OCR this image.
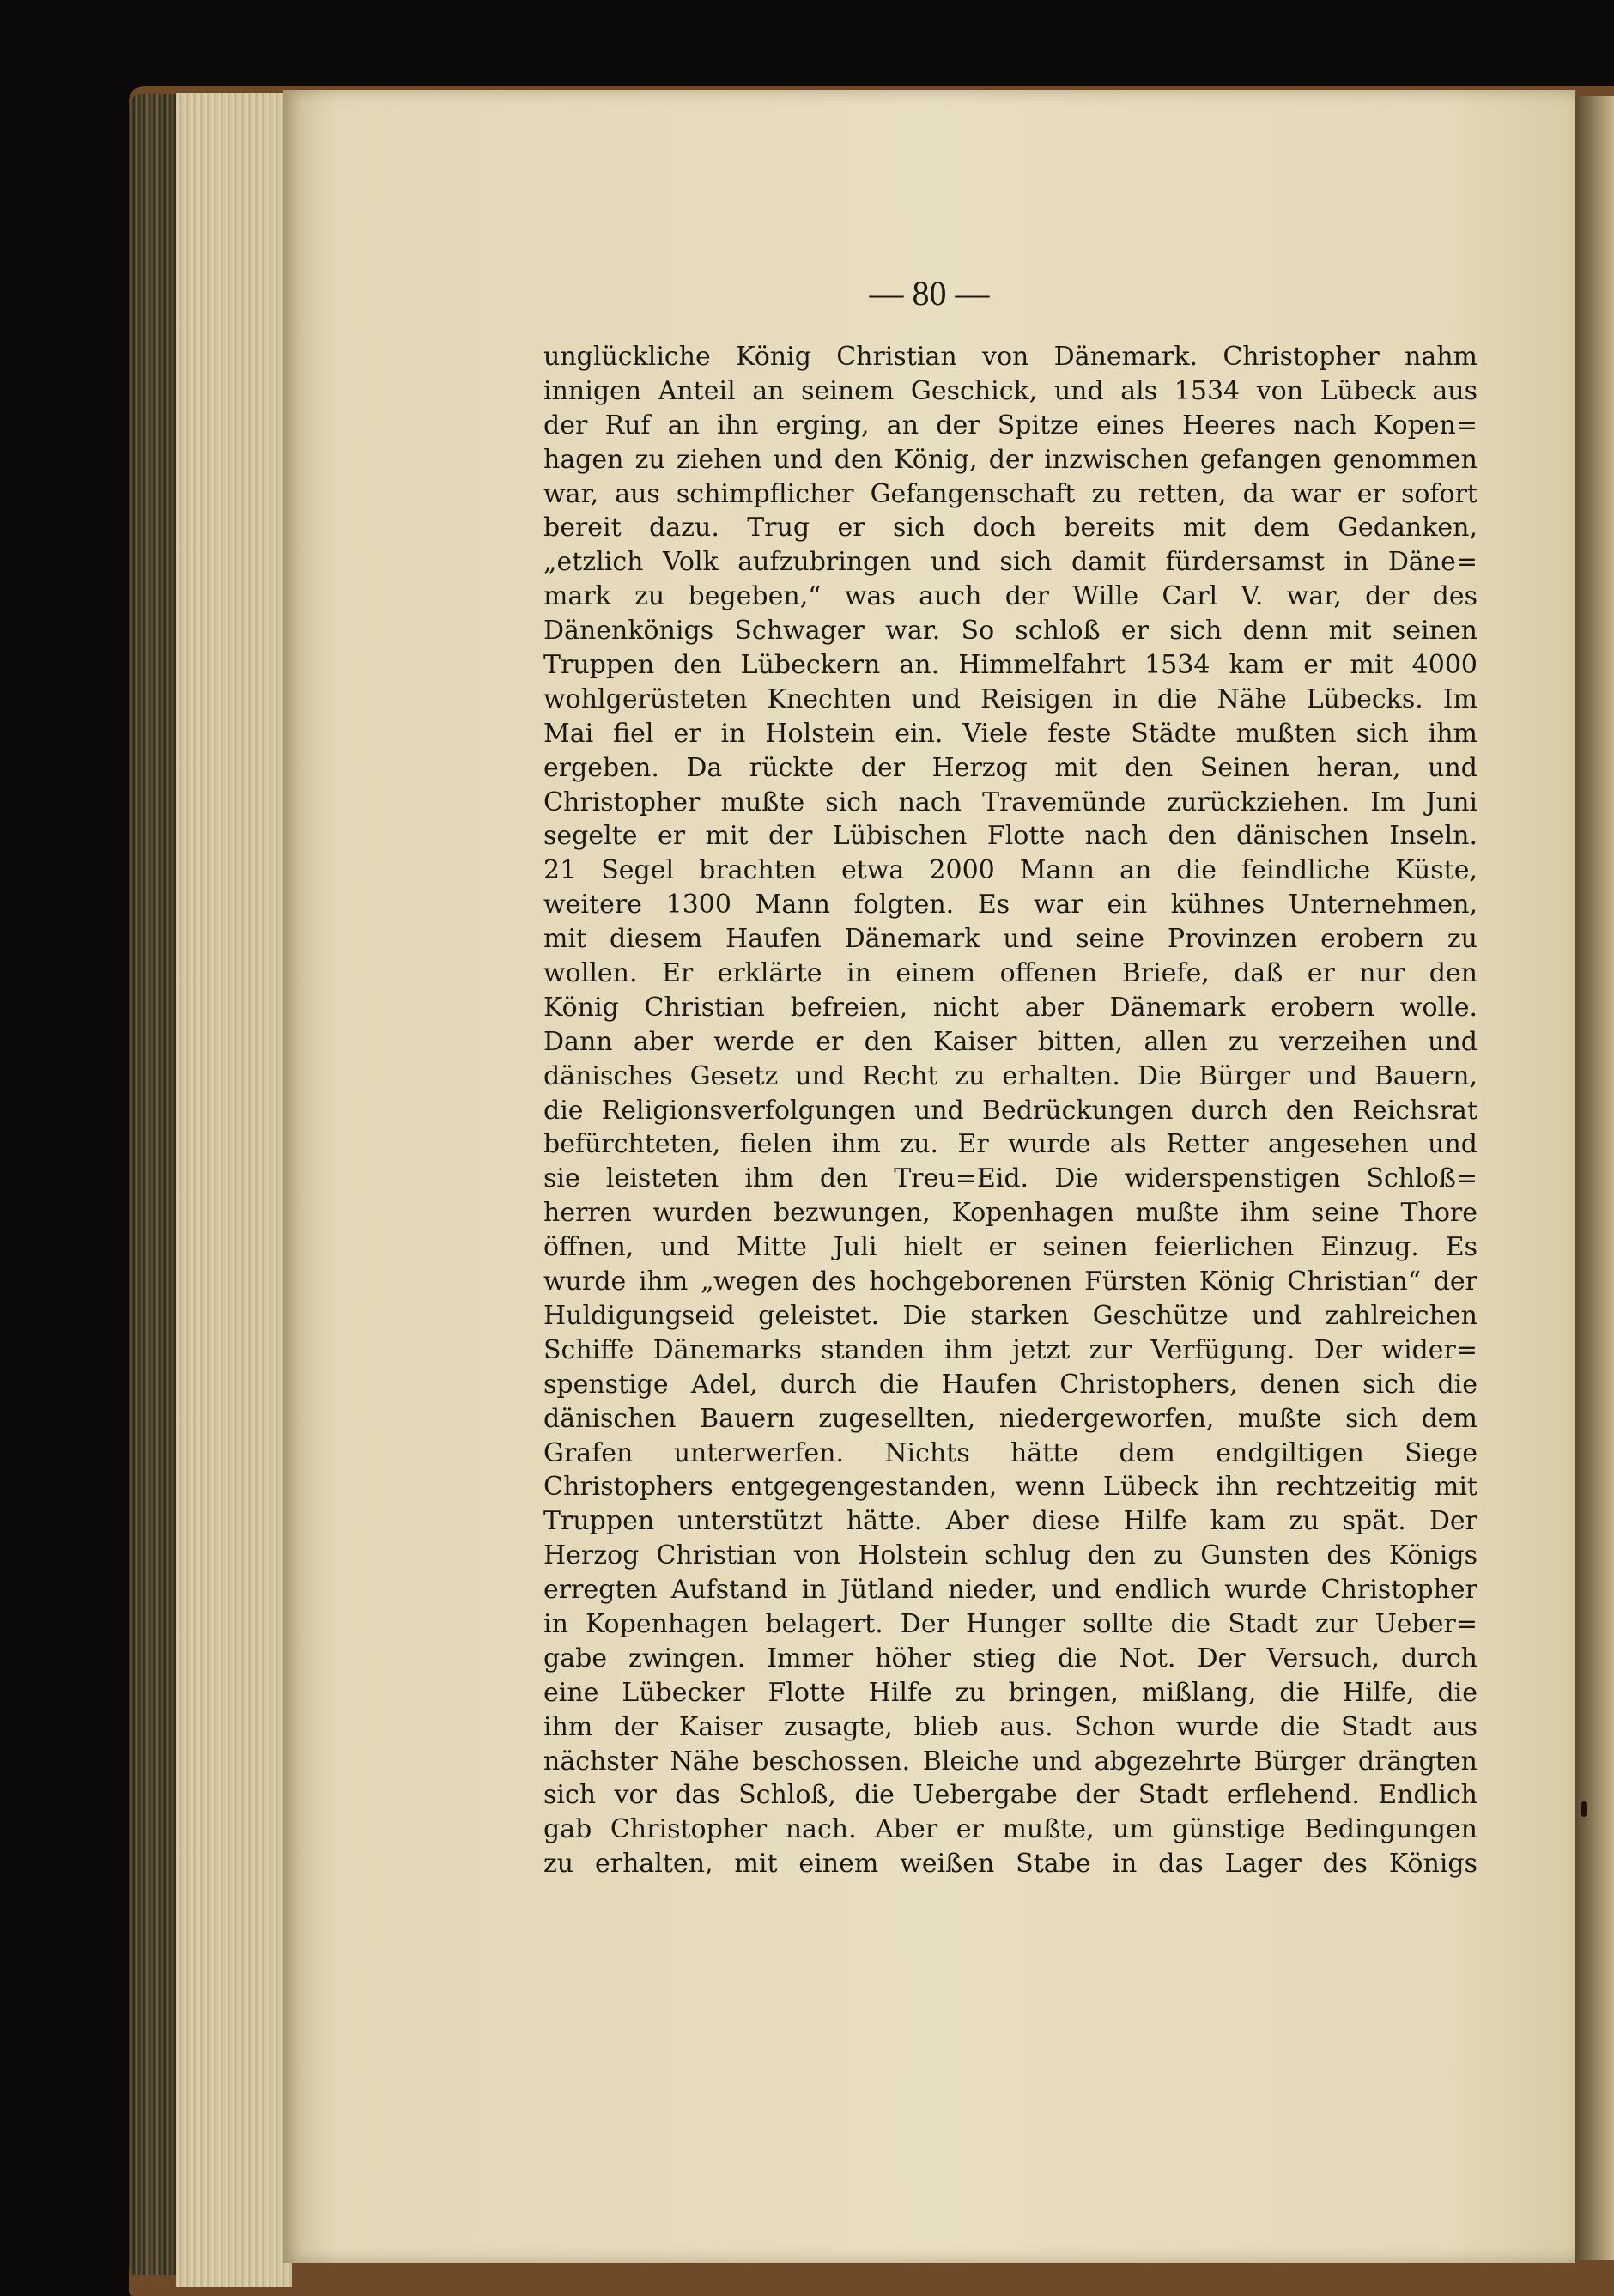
— 80 —
unglückliche König Christian von Dänemark. Christopher nahm
innigen Anteil an seinem Geschick, und als 1534 von Lübeck aus
der Ruf an ihn erging, an der Spitze eines Heeres nach Kopen=
hagen zu ziehen und den König, der inzwischen gefangen genommen
war, aus schimpflicher Gefangenschaft zu retten, da war er sofort
bereit dazu. Trug er sich doch bereits mit dem Gedanken,
„etzlich Volk aufzubringen und sich damit fürdersamst in Däne=
mark zu begeben,“ was auch der Wille Carl V. war, der des
Dänenkönigs Schwager war. So schloß er sich denn mit seinen
Truppen den Lübeckern an. Himmelfahrt 1534 kam er mit 4000
wohlgerüsteten Knechten und Reisigen in die Nähe Lübecks. Im
Mai fiel er in Holstein ein. Viele feste Städte mußten sich ihm
ergeben. Da rückte der Herzog mit den Seinen heran, und
Christopher mußte sich nach Travemünde zurückziehen. Im Juni
segelte er mit der Lübischen Flotte nach den dänischen Inseln.
21 Segel brachten etwa 2000 Mann an die feindliche Küste,
weitere 1300 Mann folgten. Es war ein kühnes Unternehmen,
mit diesem Haufen Dänemark und seine Provinzen erobern zu
wollen. Er erklärte in einem offenen Briefe, daß er nur den
König Christian befreien, nicht aber Dänemark erobern wolle.
Dann aber werde er den Kaiser bitten, allen zu verzeihen und
dänisches Gesetz und Recht zu erhalten. Die Bürger und Bauern,
die Religionsverfolgungen und Bedrückungen durch den Reichsrat
befürchteten, fielen ihm zu. Er wurde als Retter angesehen und
sie leisteten ihm den Treu=Eid. Die widerspenstigen Schloß=
herren wurden bezwungen, Kopenhagen mußte ihm seine Thore
öffnen, und Mitte Juli hielt er seinen feierlichen Einzug. Es
wurde ihm „wegen des hochgeborenen Fürsten König Christian“ der
Huldigungseid geleistet. Die starken Geschütze und zahlreichen
Schiffe Dänemarks standen ihm jetzt zur Verfügung. Der wider=
spenstige Adel, durch die Haufen Christophers, denen sich die
dänischen Bauern zugesellten, niedergeworfen, mußte sich dem
Grafen unterwerfen. Nichts hätte dem endgiltigen Siege
Christophers entgegengestanden, wenn Lübeck ihn rechtzeitig mit
Truppen unterstützt hätte. Aber diese Hilfe kam zu spät. Der
Herzog Christian von Holstein schlug den zu Gunsten des Königs
erregten Aufstand in Jütland nieder, und endlich wurde Christopher
in Kopenhagen belagert. Der Hunger sollte die Stadt zur Ueber=
gabe zwingen. Immer höher stieg die Not. Der Versuch, durch
eine Lübecker Flotte Hilfe zu bringen, mißlang, die Hilfe, die
ihm der Kaiser zusagte, blieb aus. Schon wurde die Stadt aus
nächster Nähe beschossen. Bleiche und abgezehrte Bürger drängten
sich vor das Schloß, die Uebergabe der Stadt erflehend. Endlich
gab Christopher nach. Aber er mußte, um günstige Bedingungen
zu erhalten, mit einem weißen Stabe in das Lager des Königs
